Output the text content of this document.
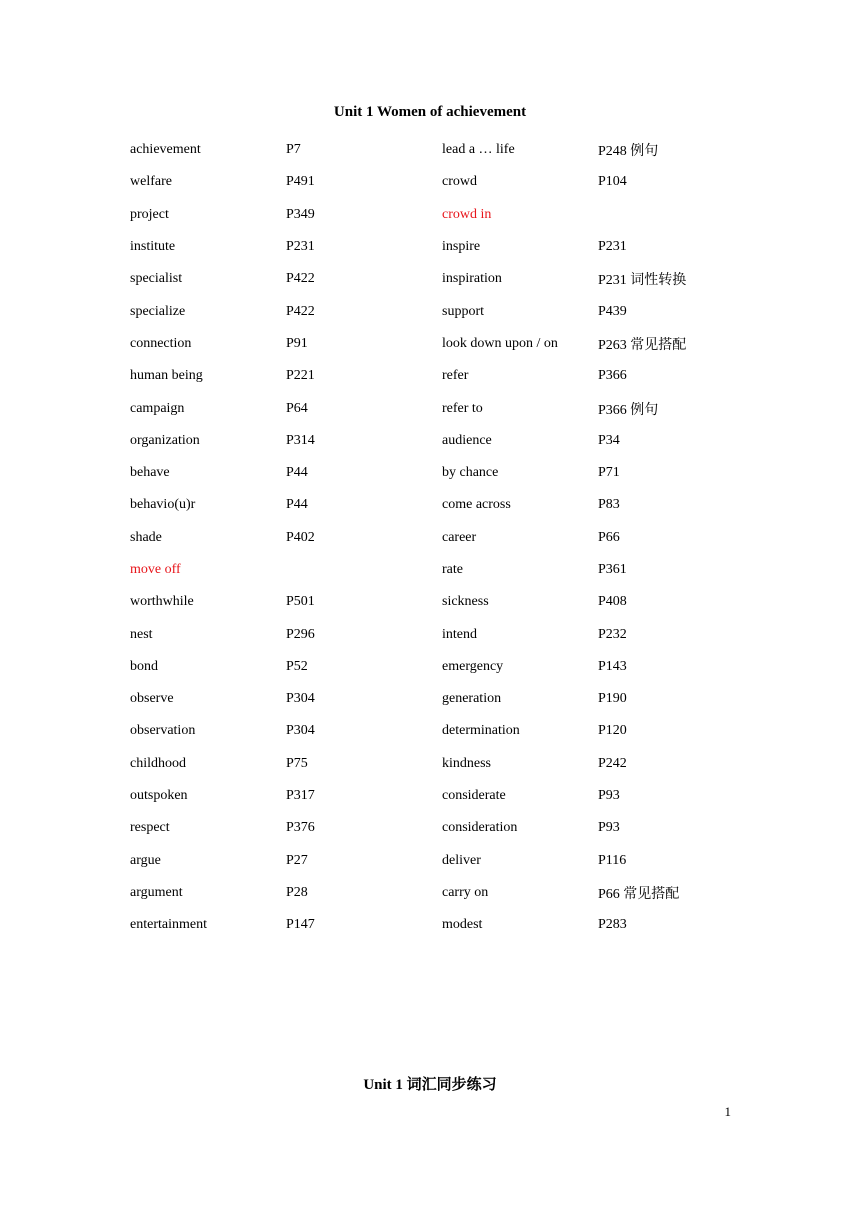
Unit 1 Women of achievement
achievement	P7	lead a … life	P248 例句
welfare	P491	crowd	P104
project	P349	crowd in	
institute	P231	inspire	P231
specialist	P422	inspiration	P231 词性转换
specialize	P422	support	P439
connection	P91	look down upon / on	P263 常见搭配
human being	P221	refer	P366
campaign	P64	refer to	P366 例句
organization	P314	audience	P34
behave	P44	by chance	P71
behavio(u)r	P44	come across	P83
shade	P402	career	P66
move off		rate	P361
worthwhile	P501	sickness	P408
nest	P296	intend	P232
bond	P52	emergency	P143
observe	P304	generation	P190
observation	P304	determination	P120
childhood	P75	kindness	P242
outspoken	P317	considerate	P93
respect	P376	consideration	P93
argue	P27	deliver	P116
argument	P28	carry on	P66 常见搭配
entertainment	P147	modest	P283
Unit 1 词汇同步练习
1
